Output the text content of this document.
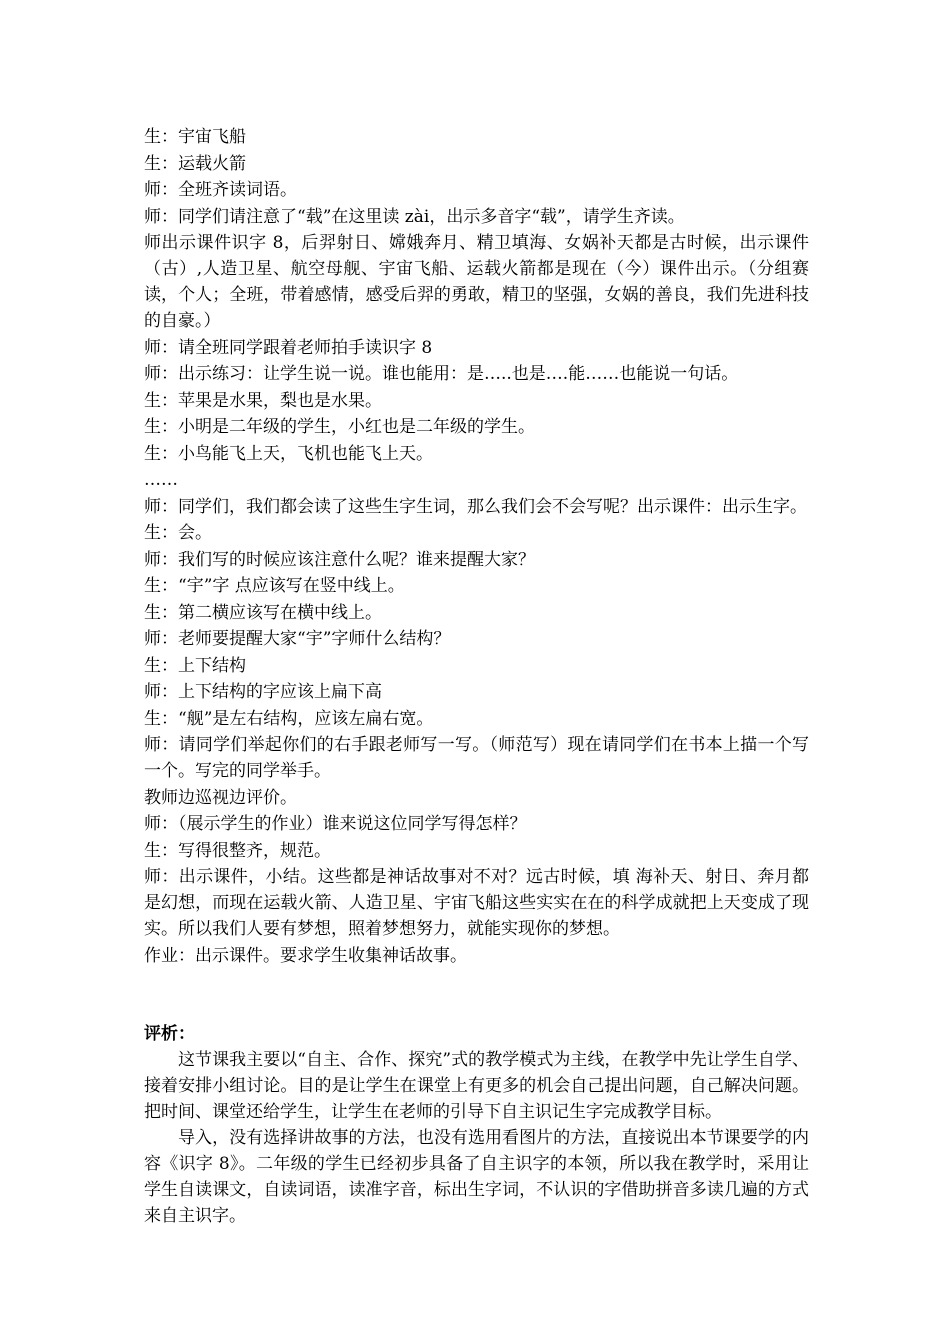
生：宇宙飞船

生：运载火箭

师：全班齐读词语。

师：同学们请注意了“载”在这里读 zài，出示多音字“载”，请学生齐读。

师出示课件识字 8，后羿射日、嫦娥奔月、精卫填海、女娲补天都是古时候，出示课件（古）,人造卫星、航空母舰、宇宙飞船、运载火箭都是现在（今）课件出示。（分组赛读，个人；全班，带着感情，感受后羿的勇敢，精卫的坚强，女娲的善良，我们先进科技的自豪。）

师：请全班同学跟着老师拍手读识字 8

师：出示练习：让学生说一说。谁也能用：是…..也是….能……也能说一句话。

生：苹果是水果，梨也是水果。

生：小明是二年级的学生，小红也是二年级的学生。

生：小鸟能飞上天，飞机也能飞上天。

……

师：同学们，我们都会读了这些生字生词，那么我们会不会写呢？出示课件：出示生字。

生：会。

师：我们写的时候应该注意什么呢？谁来提醒大家？

生：“宇”字 点应该写在竖中线上。

生：第二横应该写在横中线上。

师：老师要提醒大家“宇”字师什么结构？

生：上下结构

师：上下结构的字应该上扁下高

生：“舰”是左右结构，应该左扁右宽。

师：请同学们举起你们的右手跟老师写一写。（师范写）现在请同学们在书本上描一个写一个。写完的同学举手。

教师边巡视边评价。

师：（展示学生的作业）谁来说这位同学写得怎样？

生：写得很整齐，规范。

师：出示课件，小结。这些都是神话故事对不对？远古时候，填 海补天、射日、奔月都是幻想，而现在运载火箭、人造卫星、宇宙飞船这些实实在在的科学成就把上天变成了现实。所以我们人要有梦想，照着梦想努力，就能实现你的梦想。

作业：出示课件。要求学生收集神话故事。

评析：

这节课我主要以“自主、合作、探究”式的教学模式为主线，在教学中先让学生自学、接着安排小组讨论。目的是让学生在课堂上有更多的机会自己提出问题，自己解决问题。把时间、课堂还给学生，让学生在老师的引导下自主识记生字完成教学目标。

导入，没有选择讲故事的方法，也没有选用看图片的方法，直接说出本节课要学的内容《识字 8》。二年级的学生已经初步具备了自主识字的本领，所以我在教学时，采用让学生自读课文，自读词语，读准字音，标出生字词，不认识的字借助拼音多读几遍的方式来自主识字。
